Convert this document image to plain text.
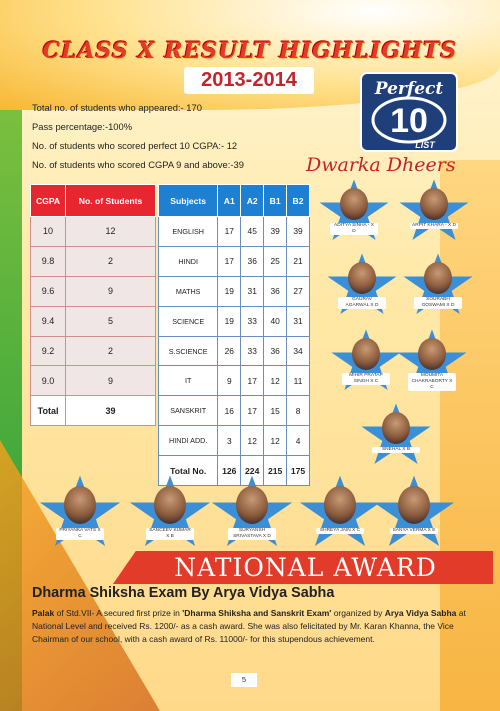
CLASS X RESULT HIGHLIGHTS
2013-2014
Total no. of students who appeared:- 170
Pass percentage:-100%
No. of students who scored perfect 10 CGPA:- 12
No. of students who scored CGPA 9 and above:-39
Perfect
10
LIST
Dwarka Dheers
CGPA	No. of Students
10	12
9.8	2
9.6	9
9.4	5
9.2	2
9.0	9
Total	39
Subjects	A1	A2	B1	B2
ENGLISH	17	45	39	39
HINDI	17	36	25	21
MATHS	19	31	36	27
SCIENCE	19	33	40	31
S.SCIENCE	26	33	36	34
IT	9	17	12	11
SANSKRIT	16	17	15	8
HINDI ADD.	3	12	12	4
Total No.	126	224	215	175
ADITYA SINHA - X D
ARPIT KHARA - X D
GAURAV AGARWAL X D
SOURABH GOSWAMI X D
MIHIR PRATAP SINGH X C
MOUMITA CHAKRABORTY X C
SNEHAL X B
PRIYANKA VATS X C
SANCEEV KUMAR X B
SURYANSH SRIVASTAVA X D
SHREYA JAIN X C	SANYA VERMA X E
NATIONAL AWARD
Dharma Shiksha Exam By Arya Vidya Sabha
Palak of Std.VII- A secured first prize in 'Dharma Shiksha and Sanskrit Exam' organized by Arya Vidya Sabha at National Level and received Rs. 1200/- as a cash award. She was also felicitated by Mr. Karan Khanna, the Vice Chairman of our school, with a cash award of Rs. 11000/- for this stupendous achievement.
5
